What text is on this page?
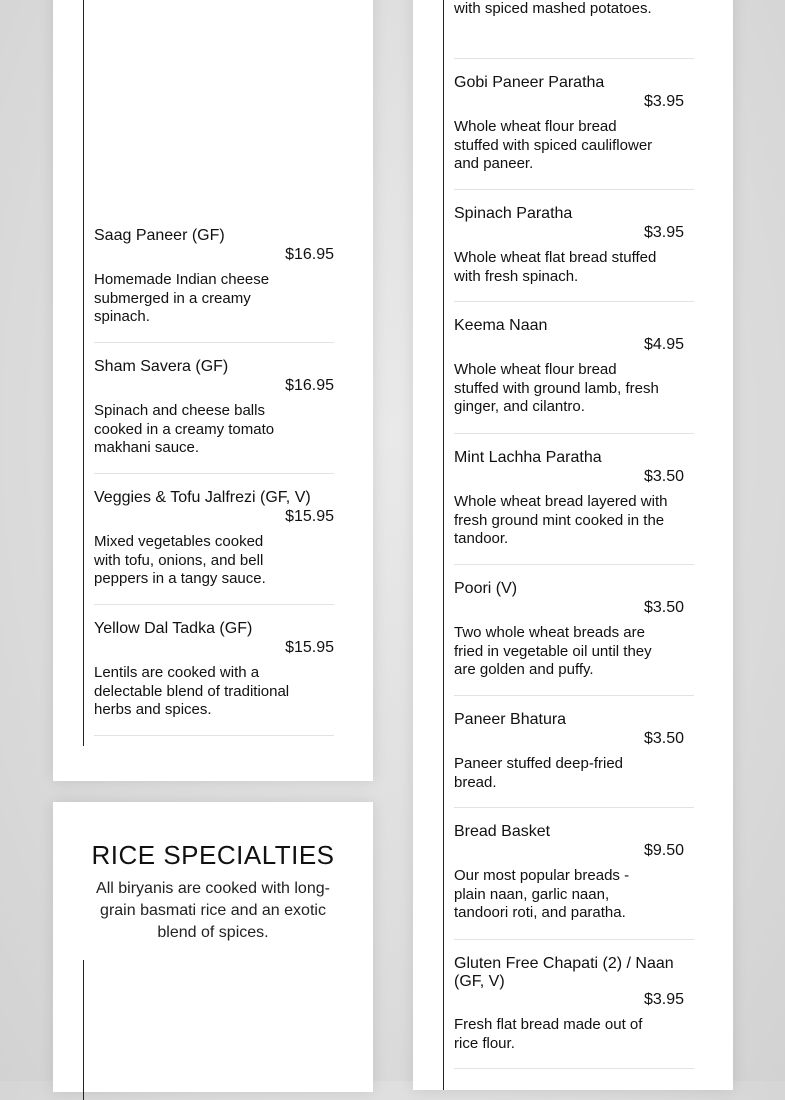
Saag Paneer (GF)
$16.95
Homemade Indian cheese submerged in a creamy spinach.
Sham Savera (GF)
$16.95
Spinach and cheese balls cooked in a creamy tomato makhani sauce.
Veggies & Tofu Jalfrezi (GF, V)
$15.95
Mixed vegetables cooked with tofu, onions, and bell peppers in a tangy sauce.
Yellow Dal Tadka (GF)
$15.95
Lentils are cooked with a delectable blend of traditional herbs and spices.
RICE SPECIALTIES
All biryanis are cooked with long-grain basmati rice and an exotic blend of spices.
with spiced mashed potatoes.
Gobi Paneer Paratha
$3.95
Whole wheat flour bread stuffed with spiced cauliflower and paneer.
Spinach Paratha
$3.95
Whole wheat flat bread stuffed with fresh spinach.
Keema Naan
$4.95
Whole wheat flour bread stuffed with ground lamb, fresh ginger, and cilantro.
Mint Lachha Paratha
$3.50
Whole wheat bread layered with fresh ground mint cooked in the tandoor.
Poori (V)
$3.50
Two whole wheat breads are fried in vegetable oil until they are golden and puffy.
Paneer Bhatura
$3.50
Paneer stuffed deep-fried bread.
Bread Basket
$9.50
Our most popular breads - plain naan, garlic naan, tandoori roti, and paratha.
Gluten Free Chapati (2) / Naan (GF, V)
$3.95
Fresh flat bread made out of rice flour.
